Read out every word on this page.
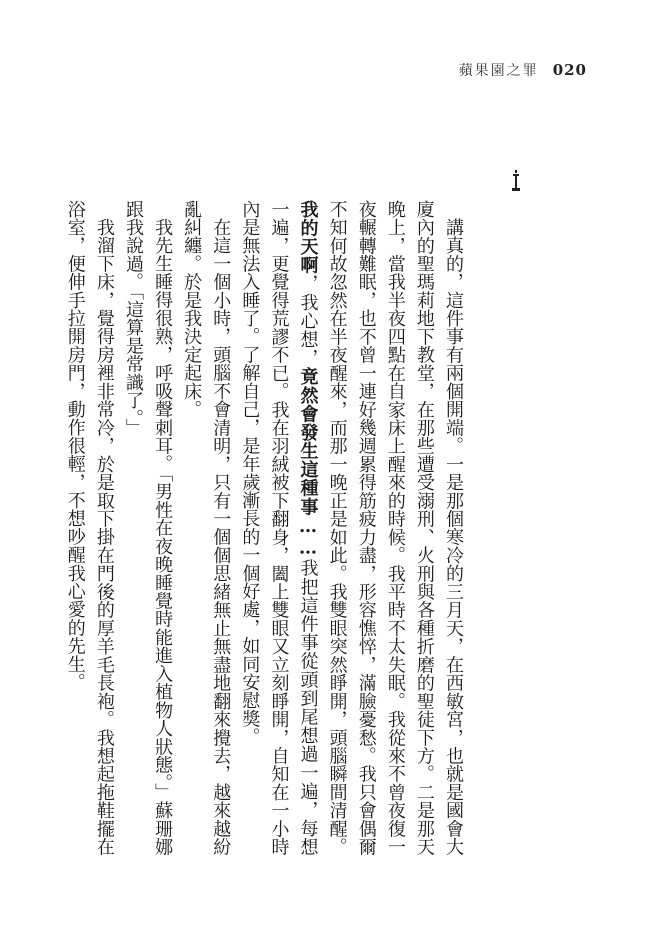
蘋果園之罪 020

講真的，這件事有兩個開端。一是那個寒冷的三月天，在西敏宮，也就是國會大廈內的聖瑪莉地下教堂，在那些遭受溺刑、火刑與各種折磨的聖徒下方。二是那天晚上，當我半夜四點在自家床上醒來的時候。我平時不太失眠。我從來不曾夜復一夜輾轉難眠，也不曾一連好幾週累得筋疲力盡，形容憔悴，滿臉憂愁。我只會偶爾不知何故忽然在半夜醒來，而那一晚正是如此。我雙眼突然睜開，頭腦瞬間清醒。我的天啊，我心想，竟然會發生這種事……我把這件事從頭到尾想過一遍，每想一遍，更覺得荒謬不已。我在羽絨被下翻身，闔上雙眼又立刻睜開，自知在一小時內是無法入睡了。了解自己，是年歲漸長的一個好處，如同安慰獎。

在這一個小時，頭腦不會清明，只有一個個思緒無止無盡地翻來攪去，越來越紛亂糾纏。於是我決定起床。

我先生睡得很熟，呼吸聲刺耳。「男性在夜晚睡覺時能進入植物人狀態。」蘇珊娜跟我說過。「這算是常識了。」

我溜下床，覺得房裡非常冷，於是取下掛在門後的厚羊毛長袍。我想起拖鞋擺在浴室，便伸手拉開房門，動作很輕，不想吵醒我心愛的先生。
